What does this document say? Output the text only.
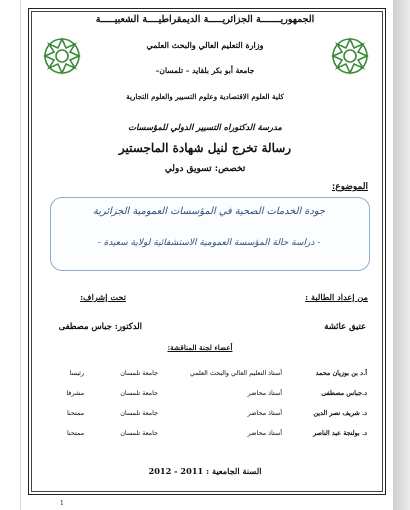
الجمهوريـــــــة الجزائريـــــة الديمقراطيــــة الشعبيـــــة
وزارة التعليم العالي والبحث العلمي
جامعة أبو بكر بلقايد – تلمسان–
كلية العلوم الاقتصادية وعلوم التسيير والعلوم التجارية
مدرسة الدكتوراه التسيير الدولي للمؤسسات
رسالة تخرج لنيل شهادة الماجستير
تخصص: تسويق دولي
الموضوع:
جودة الخدمات الصحية في المؤسسات العمومية الجزائرية
- دراسة حالة المؤسسة العمومية الاستشفائية لولاية سعيدة -
من إعداد الطالبة :
تحت إشراف:
عتيق عائشة
الدكتور: جباس مصطفى
أعضاء لجنة المناقشة:
أ.د بن بوزيان محمد
أستاذ التعليم العالي والبحث العلمي
جامعة تلمسان
رئيسا
د.جباس مصطفى
أستاذ محاضر
جامعة تلمسان
مشرفا
د. شريف نصر الدين
أستاذ محاضر
جامعة تلمسان
ممتحنا
د. بولنجة عبد الناصر
أستاذ محاضر
جامعة تلمسان
ممتحنا
السنة الجامعية : 2011 - 2012
1
